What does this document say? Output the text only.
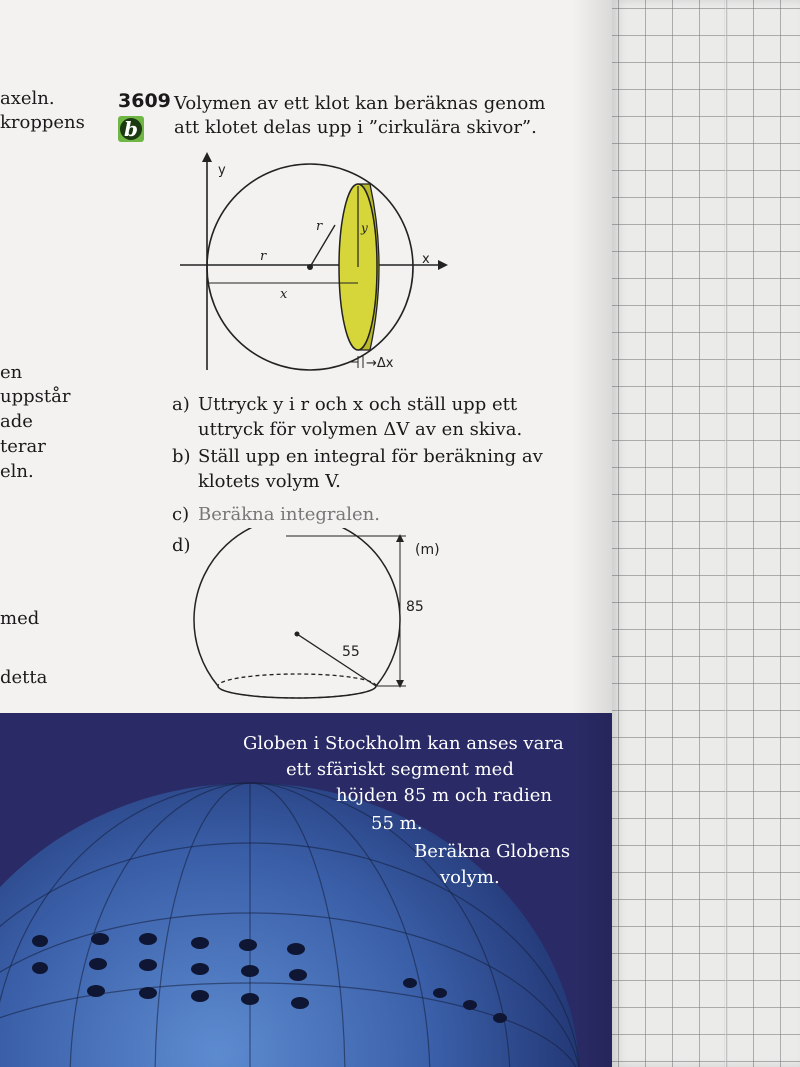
axeln.
kroppens
en
uppstår
ade
terar
eln.
med
detta
3609
b
Volymen av ett klot kan beräknas genom
att klotet delas upp i ”cirkulära skivor”.
y
x
r	y
r
x
→Δx
a) Uttryck y i r och x och ställ upp ett
uttryck för volymen ΔV av en skiva.
b) Ställ upp en integral för beräkning av
klotets volym V.
c) Beräkna integralen.
d)	(m)
85
55
Globen i Stockholm kan anses vara
ett sfäriskt segment med
höjden 85 m och radien
55 m.
Beräkna Globens
volym.
